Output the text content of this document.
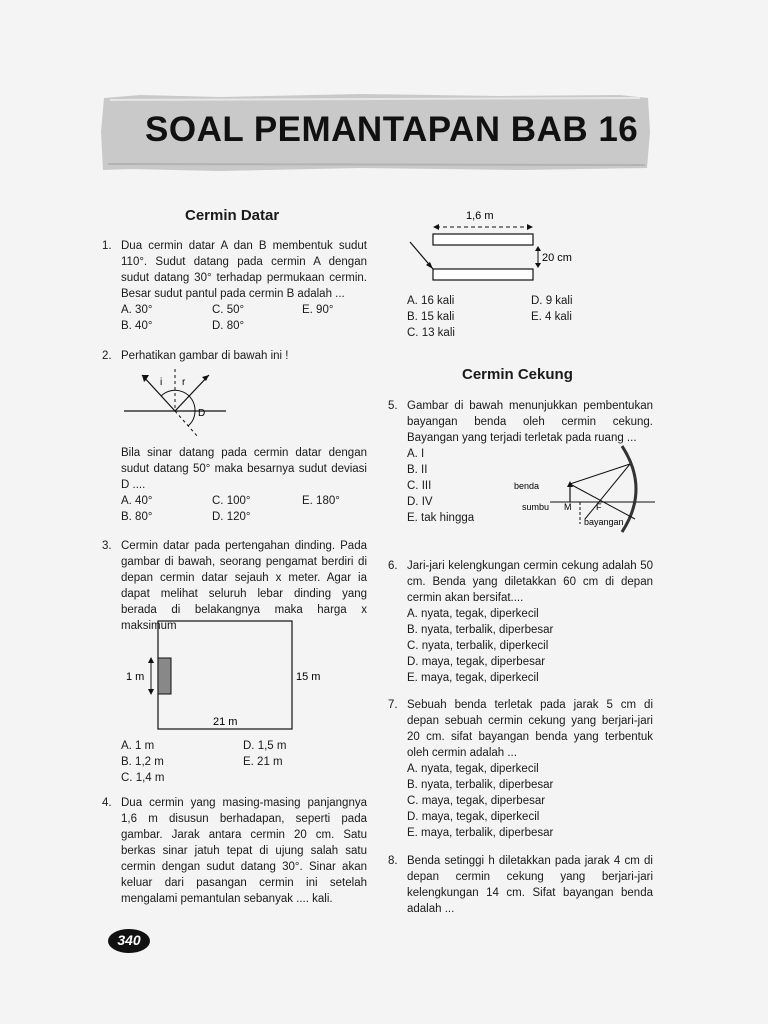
SOAL PEMANTAPAN BAB 16
Cermin Datar
1. Dua cermin datar A dan B membentuk sudut 110°. Sudut datang pada cermin A dengan sudut datang 30° terhadap permukaan cermin. Besar sudut pantul pada cermin B adalah ...

A. 30°	C. 50°	E. 90°
B. 40°	D. 80°
2. Perhatikan gambar di bawah ini !

i r
D

Bila sinar datang pada cermin datar dengan sudut datang 50° maka besarnya sudut deviasi D ....

A. 40°	C. 100°	E. 180°
B. 80°	D. 120°
3. Cermin datar pada pertengahan dinding. Pada gambar di bawah, seorang pengamat berdiri di depan cermin datar sejauh x meter. Agar ia dapat melihat seluruh lebar dinding yang berada di belakangnya maka harga x maksimum

1 m	15 m
21 m
A. 1 m	D. 1,5 m
B. 1,2 m	E. 21 m
C. 1,4 m
4. Dua cermin yang masing-masing panjangnya 1,6 m disusun berhadapan, seperti pada gambar. Jarak antara cermin 20 cm. Satu berkas sinar jatuh tepat di ujung salah satu cermin dengan sudut datang 30°. Sinar akan keluar dari pasangan cermin ini setelah mengalami pemantulan sebanyak .... kali.

1,6 m
20 cm
A. 16 kali	D. 9 kali
B. 15 kali	E. 4 kali
C. 13 kali
Cermin Cekung
5. Gambar di bawah menunjukkan pembentukan bayangan benda oleh cermin cekung. Bayangan yang terjadi terletak pada ruang ...

A. I
B. II
C. III
D. IV
E. tak hingga
benda
sumbu M	F
bayangan
6. Jari-jari kelengkungan cermin cekung adalah 50 cm. Benda yang diletakkan 60 cm di depan cermin akan bersifat....

A. nyata, tegak, diperkecil
B. nyata, terbalik, diperbesar
C. nyata, terbalik, diperkecil
D. maya, tegak, diperbesar
E. maya, tegak, diperkecil
7. Sebuah benda terletak pada jarak 5 cm di depan sebuah cermin cekung yang berjari-jari 20 cm. sifat bayangan benda yang terbentuk oleh cermin adalah ...

A. nyata, tegak, diperkecil
B. nyata, terbalik, diperbesar
C. maya, tegak, diperbesar
D. maya, tegak, diperkecil
E. maya, terbalik, diperbesar
8. Benda setinggi h diletakkan pada jarak 4 cm di depan cermin cekung yang berjari-jari kelengkungan 14 cm. Sifat bayangan benda adalah ...

340
